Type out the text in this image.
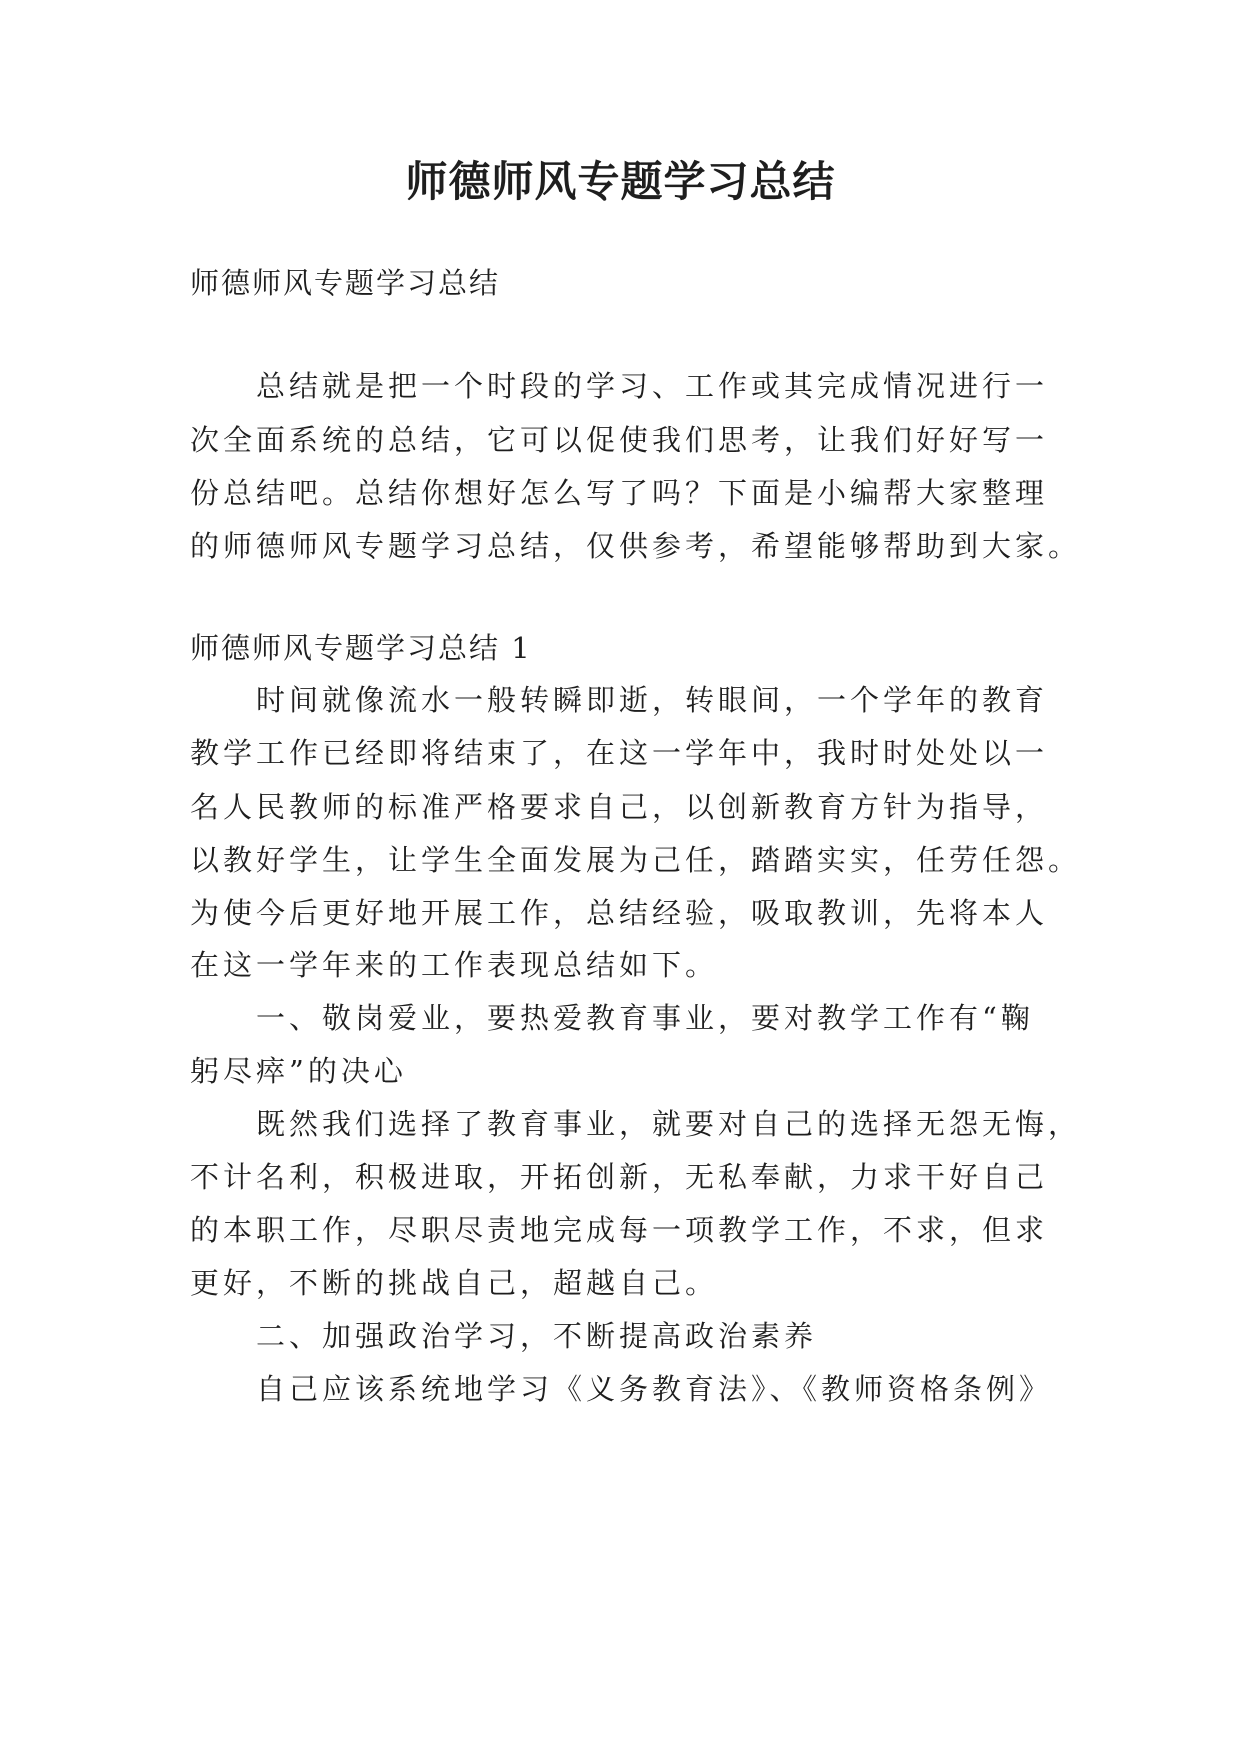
师德师风专题学习总结

师德师风专题学习总结

总结就是把一个时段的学习、工作或其完成情况进行一

次全面系统的总结，它可以促使我们思考，让我们好好写一

份总结吧。总结你想好怎么写了吗？下面是小编帮大家整理

的师德师风专题学习总结，仅供参考，希望能够帮助到大家。

师德师风专题学习总结 1

时间就像流水一般转瞬即逝，转眼间，一个学年的教育

教学工作已经即将结束了，在这一学年中，我时时处处以一

名人民教师的标准严格要求自己，以创新教育方针为指导，

以教好学生，让学生全面发展为己任，踏踏实实，任劳任怨。

为使今后更好地开展工作，总结经验，吸取教训，先将本人

在这一学年来的工作表现总结如下。

一、敬岗爱业，要热爱教育事业，要对教学工作有“鞠

躬尽瘁”的决心

既然我们选择了教育事业，就要对自己的选择无怨无悔，

不计名利，积极进取，开拓创新，无私奉献，力求干好自己

的本职工作，尽职尽责地完成每一项教学工作，不求，但求

更好，不断的挑战自己，超越自己。

二、加强政治学习，不断提高政治素养

自己应该系统地学习《义务教育法》、《教师资格条例》
